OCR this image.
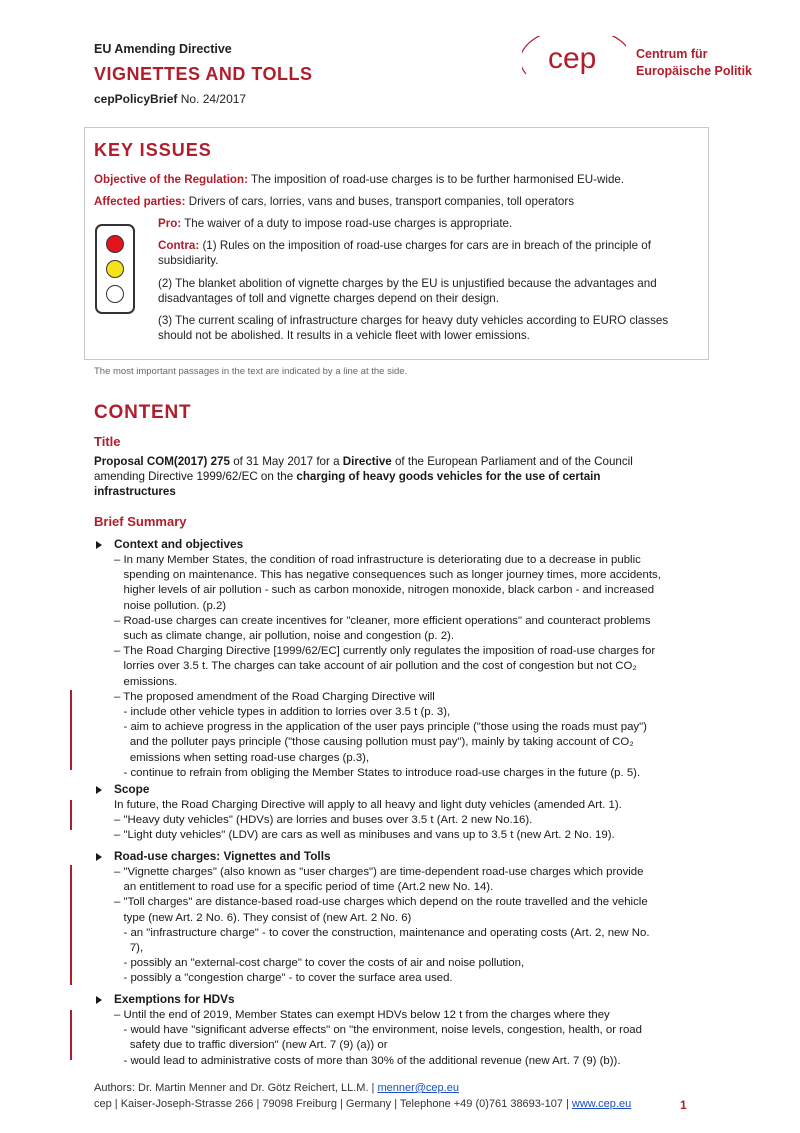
EU Amending Directive
VIGNETTES AND TOLLS
cepPolicyBrief No. 24/2017
cep	Centrum für
Europäische Politik
KEY ISSUES
Objective of the Regulation: The imposition of road-use charges is to be further harmonised EU-wide.
Affected parties: Drivers of cars, lorries, vans and buses, transport companies, toll operators
Pro: The waiver of a duty to impose road-use charges is appropriate.
Contra: (1) Rules on the imposition of road-use charges for cars are in breach of the principle of
subsidiarity.
(2) The blanket abolition of vignette charges by the EU is unjustified because the advantages and
disadvantages of toll and vignette charges depend on their design.
(3) The current scaling of infrastructure charges for heavy duty vehicles according to EURO classes
should not be abolished. It results in a vehicle fleet with lower emissions.
The most important passages in the text are indicated by a line at the side.
CONTENT
Title
Proposal COM(2017) 275 of 31 May 2017 for a Directive of the European Parliament and of the Council
amending Directive 1999/62/EC on the charging of heavy goods vehicles for the use of certain
infrastructures
Brief Summary
Context and objectives
– In many Member States, the condition of road infrastructure is deteriorating due to a decrease in public
spending on maintenance. This has negative consequences such as longer journey times, more accidents,
higher levels of air pollution - such as carbon monoxide, nitrogen monoxide, black carbon - and increased
noise pollution. (p.2)
– Road-use charges can create incentives for "cleaner, more efficient operations" and counteract problems
such as climate change, air pollution, noise and congestion (p. 2).
– The Road Charging Directive [1999/62/EC] currently only regulates the imposition of road-use charges for
lorries over 3.5 t. The charges can take account of air pollution and the cost of congestion but not CO₂
emissions.
– The proposed amendment of the Road Charging Directive will
- include other vehicle types in addition to lorries over 3.5 t (p. 3),
- aim to achieve progress in the application of the user pays principle ("those using the roads must pay")
and the polluter pays principle ("those causing pollution must pay"), mainly by taking account of CO₂
emissions when setting road-use charges (p.3),
- continue to refrain from obliging the Member States to introduce road-use charges in the future (p. 5).
Scope
In future, the Road Charging Directive will apply to all heavy and light duty vehicles (amended Art. 1).
– "Heavy duty vehicles" (HDVs) are lorries and buses over 3.5 t (Art. 2 new No.16).
– "Light duty vehicles" (LDV) are cars as well as minibuses and vans up to 3.5 t (new Art. 2 No. 19).
Road-use charges: Vignettes and Tolls
– "Vignette charges" (also known as "user charges") are time-dependent road-use charges which provide
an entitlement to road use for a specific period of time (Art.2 new No. 14).
– "Toll charges" are distance-based road-use charges which depend on the route travelled and the vehicle
type (new Art. 2 No. 6). They consist of (new Art. 2 No. 6)
- an "infrastructure charge" - to cover the construction, maintenance and operating costs (Art. 2, new No.
7),
- possibly an "external-cost charge" to cover the costs of air and noise pollution,
- possibly a "congestion charge" - to cover the surface area used.
Exemptions for HDVs
– Until the end of 2019, Member States can exempt HDVs below 12 t from the charges where they
- would have "significant adverse effects" on "the environment, noise levels, congestion, health, or road
safety due to traffic diversion" (new Art. 7 (9) (a)) or
- would lead to administrative costs of more than 30% of the additional revenue (new Art. 7 (9) (b)).
Authors: Dr. Martin Menner and Dr. Götz Reichert, LL.M. | menner@cep.eu
cep | Kaiser-Joseph-Strasse 266 | 79098 Freiburg | Germany | Telephone +49 (0)761 38693-107 | www.cep.eu	1
